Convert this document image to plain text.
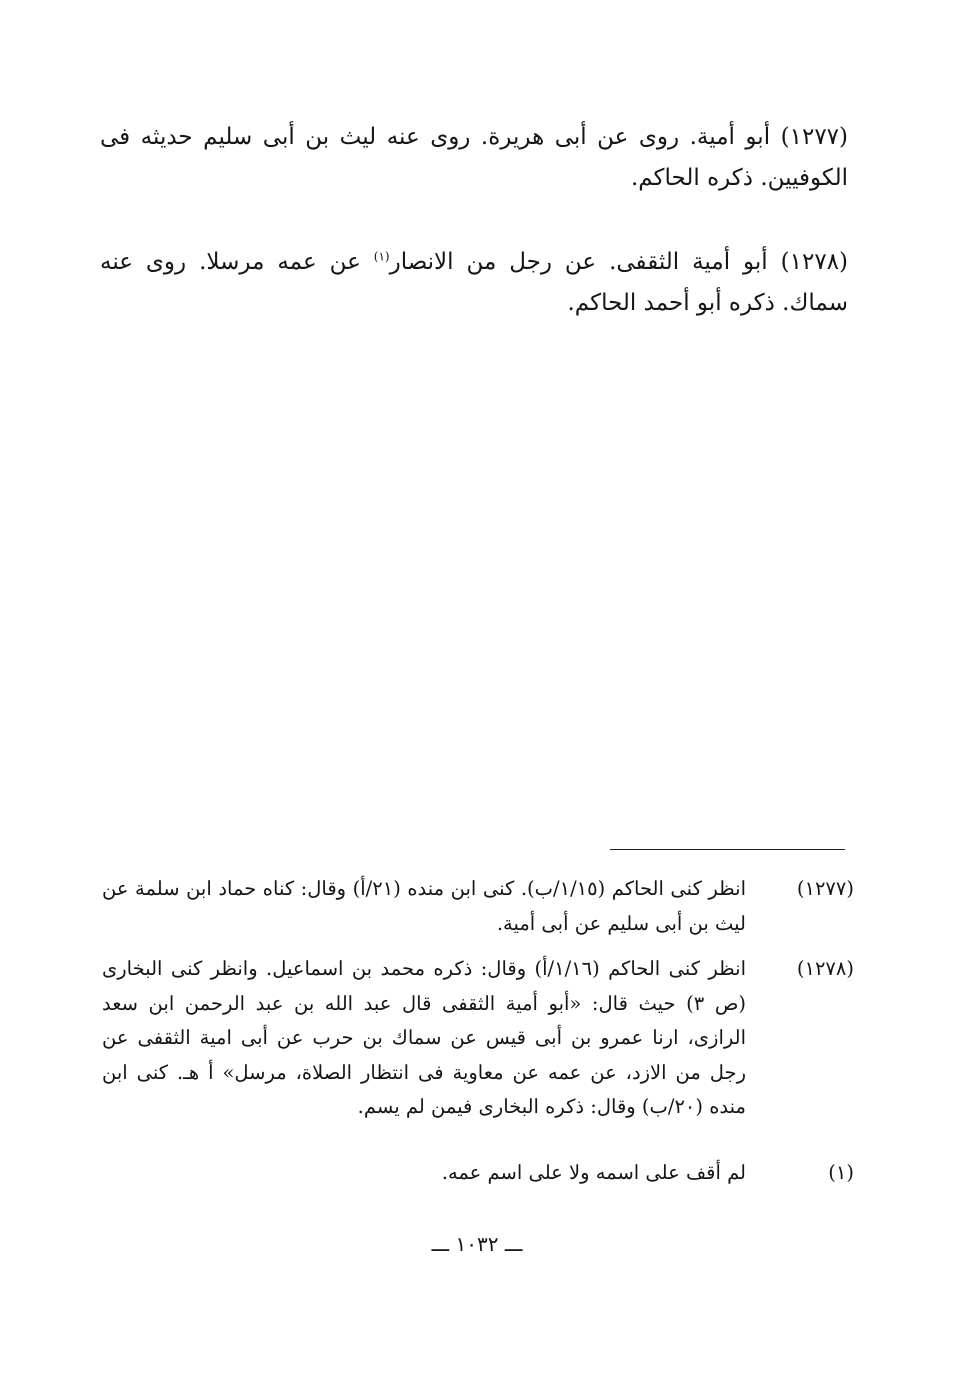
(١٢٧٧) أبو أمية. روى عن أبى هريرة. روى عنه ليث بن أبى سليم حديثه فى الكوفيين. ذكره الحاكم.
(١٢٧٨) أبو أمية الثقفى. عن رجل من الانصار$^{(١)}$ عن عمه مرسلا. روى عنه سماك. ذكره أبو أحمد الحاكم.
(١٢٧٧)
انظر كنى الحاكم (١/١٥/ب). كنى ابن منده (٢١/أ) وقال: كناه حماد ابن سلمة عن ليث بن أبى سليم عن أبى أمية.
(١٢٧٨)
انظر كنى الحاكم (١/١٦/أ) وقال: ذكره محمد بن اسماعيل. وانظر كنى البخارى (ص ٣) حيث قال: «أبو أمية الثقفى قال عبد الله بن عبد الرحمن ابن سعد الرازى، ارنا عمرو بن أبى قيس عن سماك بن حرب عن أبى امية الثقفى عن رجل من الازد، عن عمه عن معاوية فى انتظار الصلاة، مرسل» أ هـ. كنى ابن منده (٢٠/ب) وقال: ذكره البخارى فيمن لم يسم.
(١)
لم أقف على اسمه ولا على اسم عمه.
ـــ ١٠٣٢ ـــ
